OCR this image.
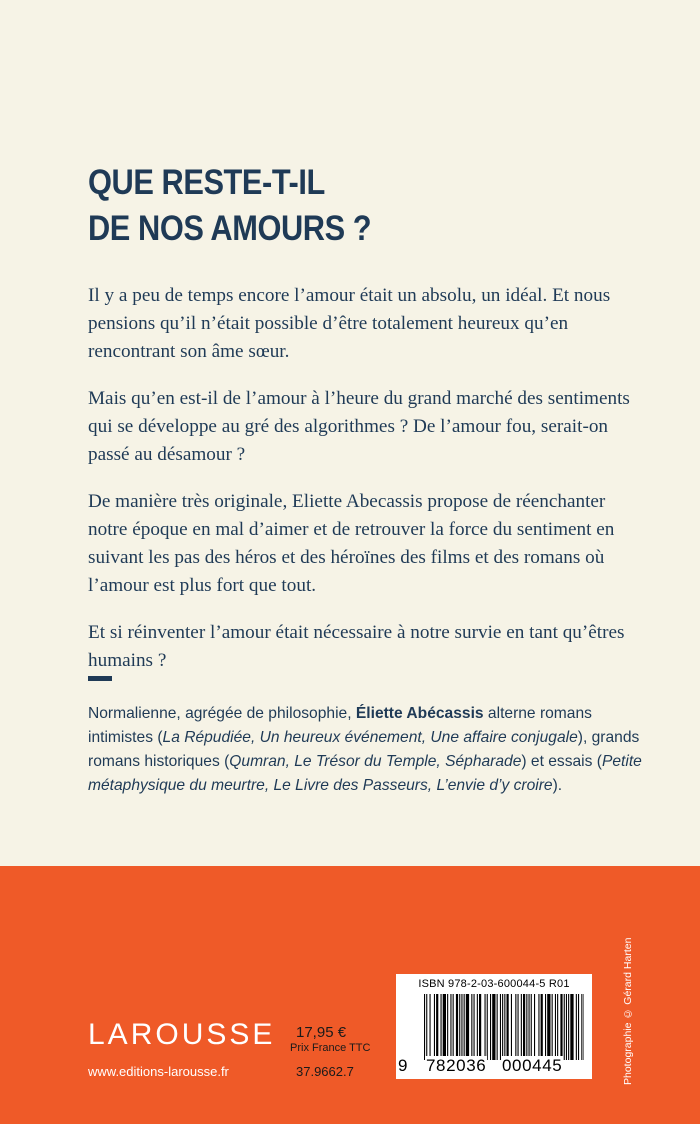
QUE RESTE-T-IL
DE NOS AMOURS ?

Il y a peu de temps encore l’amour était un absolu, un idéal. Et nous pensions qu’il n’était possible d’être totalement heureux qu’en rencontrant son âme sœur.

Mais qu’en est-il de l’amour à l’heure du grand marché des sentiments qui se développe au gré des algorithmes ? De l’amour fou, serait-on passé au désamour ?

De manière très originale, Eliette Abecassis propose de réenchanter notre époque en mal d’aimer et de retrouver la force du sentiment en suivant les pas des héros et des héroïnes des films et des romans où l’amour est plus fort que tout.

Et si réinventer l’amour était nécessaire à notre survie en tant qu’êtres humains ?

Normalienne, agrégée de philosophie, Éliette Abécassis alterne romans intimistes (La Répudiée, Un heureux événement, Une affaire conjugale), grands romans historiques (Qumran, Le Trésor du Temple, Sépharade) et essais (Petite métaphysique du meurtre, Le Livre des Passeurs, L’envie d’y croire).
Photographie © Gérard Harten
ISBN 978-2-03-600044-5 R01
9 782036 000445
LAROUSSE
www.editions-larousse.fr
17,95 €
Prix France TTC
37.9662.7
